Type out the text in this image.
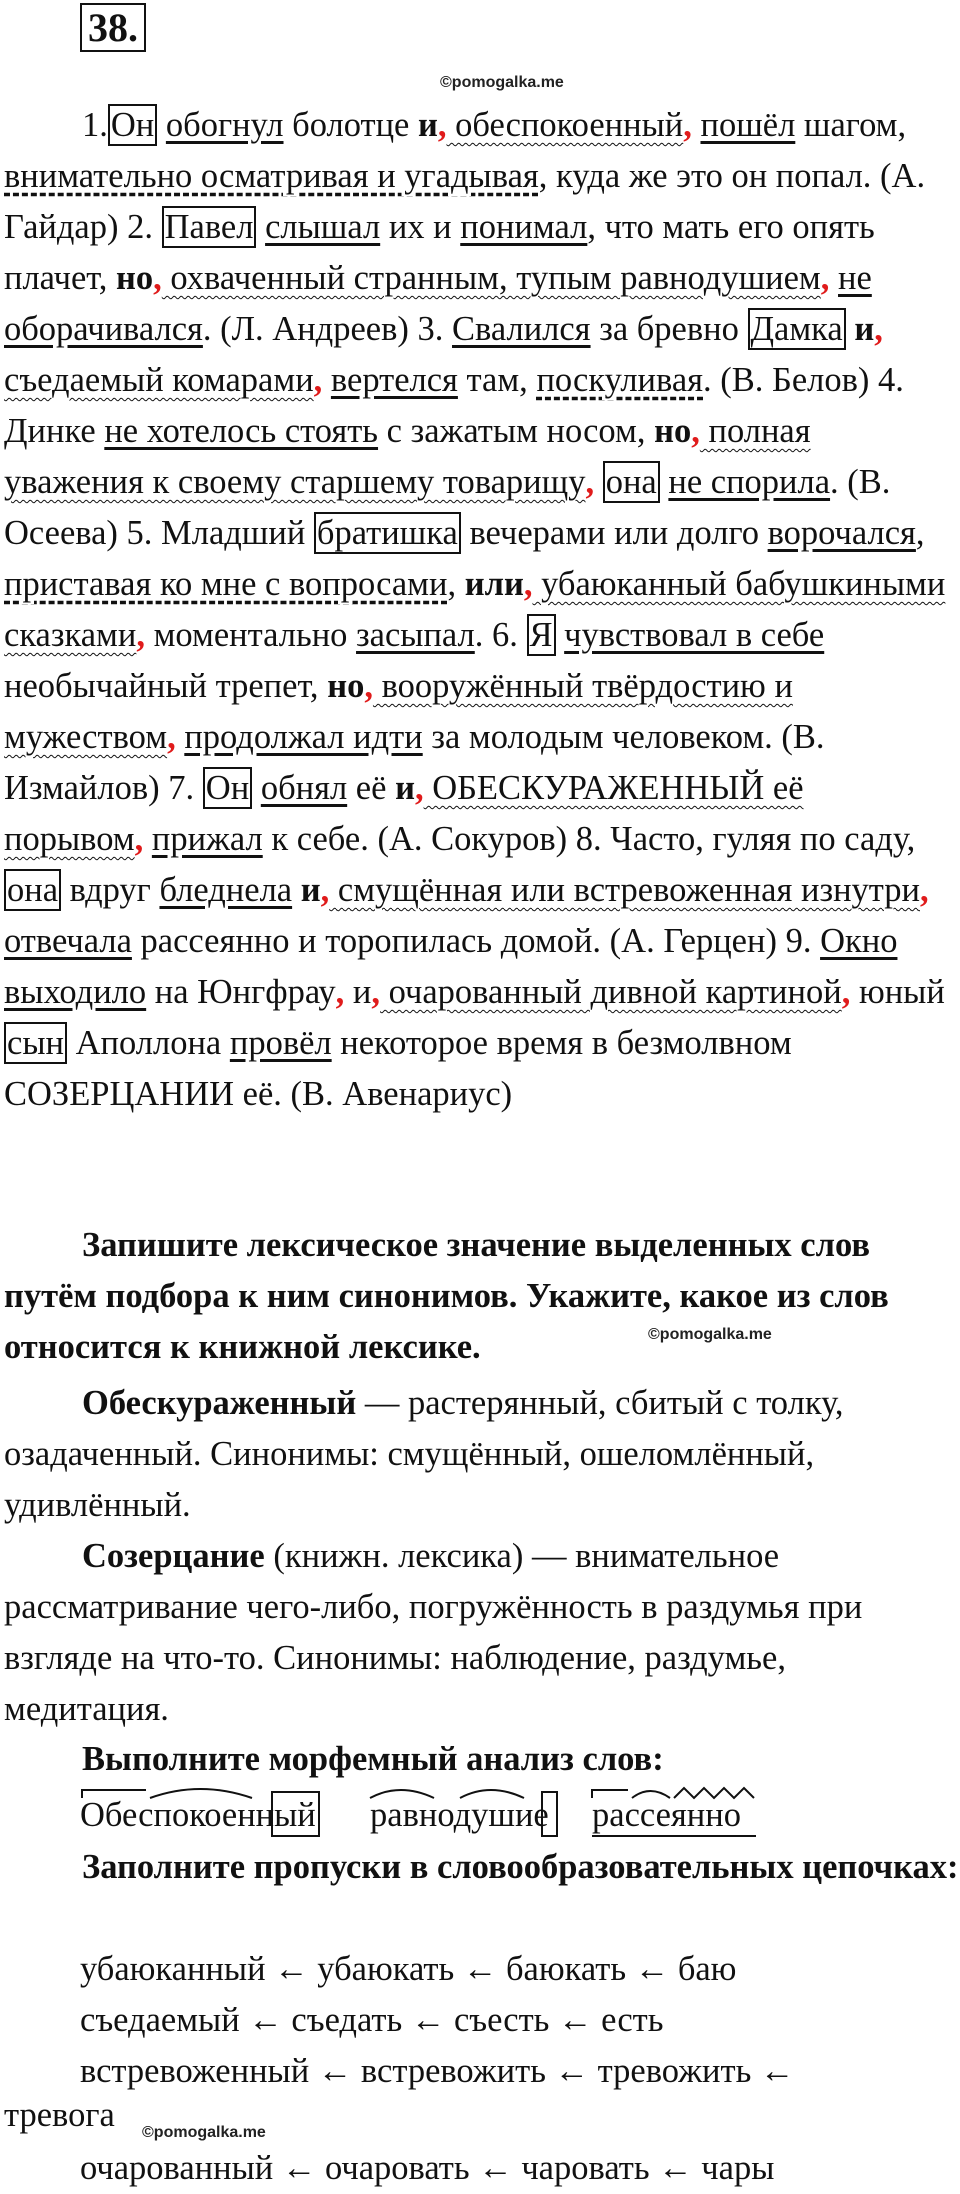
38.
©pomogalka.me
1.Он обогнул болотце и, обеспокоенный, пошёл шагом, внимательно осматривая и угадывая, куда же это он попал. (А. Гайдар) 2. Павел слышал их и понимал, что мать его опять плачет, но, охваченный странным, тупым равнодушием, не оборачивался. (Л. Андреев) 3. Свалился за бревно Дамка и, съедаемый комарами, вертелся там, поскуливая. (В. Белов) 4. Динке не хотелось стоять с зажатым носом, но, полная уважения к своему старшему товарищу, она не спорила. (В. Осеева) 5. Младший братишка вечерами или долго ворочался, приставая ко мне с вопросами, или, убаюканный бабушкиными сказками, моментально засыпал. 6. Я чувствовал в себе необычайный трепет, но, вооружённый твёрдостию и мужеством, продолжал идти за молодым человеком. (В. Измайлов) 7. Он обнял её и, ОБЕСКУРАЖЕННЫЙ её порывом, прижал к себе. (А. Сокуров) 8. Часто, гуляя по саду, она вдруг бледнела и, смущённая или встревоженная изнутри, отвечала рассеянно и торопилась домой. (А. Герцен) 9. Окно выходило на Юнгфрау, и, очарованный дивной картиной, юный сын Аполлона провёл некоторое время в безмолвном СОЗЕРЦАНИИ её. (В. Авенариус)
Запишите лексическое значение выделенных слов путём подбора к ним синонимов. Укажите, какое из слов относится к книжной лексике.	©pomogalka.me
Обескураженный — растерянный, сбитый с толку, озадаченный. Синонимы: смущённый, ошеломлённый, удивлённый.
Созерцание (книжн. лексика) — внимательное рассматривание чего-либо, погружённость в раздумья при взгляде на что-то. Синонимы: наблюдение, раздумье, медитация.
Выполните морфемный анализ слов:
Обеспокоенный равнодушие рассеянно
Заполните пропуски в словообразовательных цепочках:
убаюканный ← убаюкать ← баюкать ← баю
съедаемый ← съедать ← съесть ← есть
встревоженный ← встревожить ← тревожить ←
тревога ©pomogalka.me
очарованный ← очаровать ← чаровать ← чары
